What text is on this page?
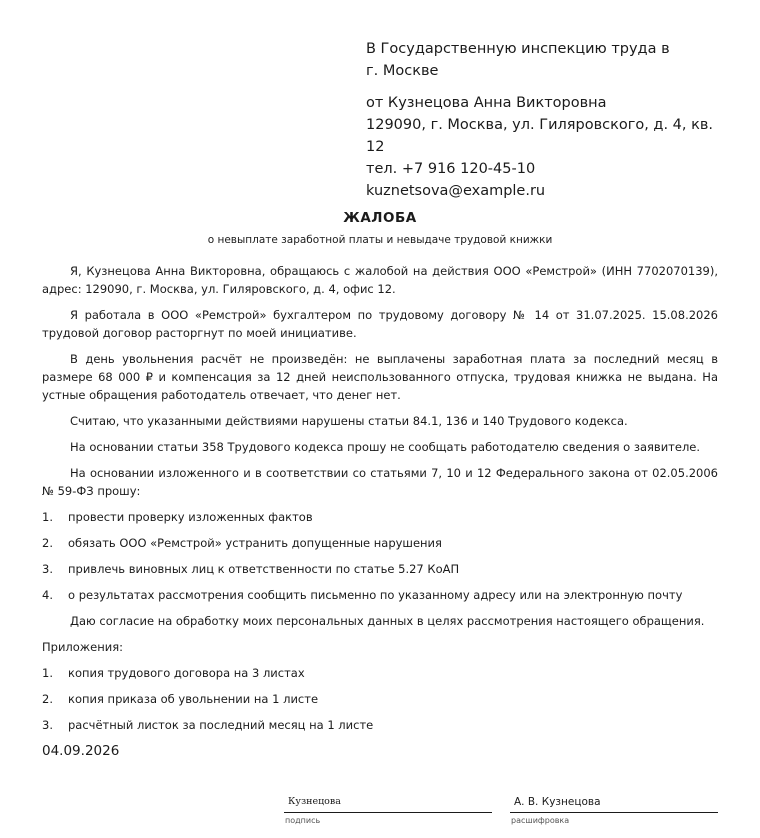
В Государственную инспекцию труда в
г. Москве
от Кузнецова Анна Викторовна
129090, г. Москва, ул. Гиляровского, д. 4, кв. 12
тел. +7 916 120-45-10
kuznetsova@example.ru
ЖАЛОБА
о невыплате заработной платы и невыдаче трудовой книжки

Я, Кузнецова Анна Викторовна, обращаюсь с жалобой на действия ООО «Ремстрой» (ИНН 7702070139), адрес: 129090, г. Москва, ул. Гиляровского, д. 4, офис 12.

Я работала в ООО «Ремстрой» бухгалтером по трудовому договору № 14 от 31.07.2025. 15.08.2026 трудовой договор расторгнут по моей инициативе.

В день увольнения расчёт не произведён: не выплачены заработная плата за последний месяц в размере 68 000 ₽ и компенсация за 12 дней неиспользованного отпуска, трудовая книжка не выдана. На устные обращения работодатель отвечает, что денег нет.

Считаю, что указанными действиями нарушены статьи 84.1, 136 и 140 Трудового кодекса.

На основании статьи 358 Трудового кодекса прошу не сообщать работодателю сведения о заявителе.

На основании изложенного и в соответствии со статьями 7, 10 и 12 Федерального закона от 02.05.2006 № 59-ФЗ прошу:

1. провести проверку изложенных фактов
2. обязать ООО «Ремстрой» устранить допущенные нарушения
3. привлечь виновных лиц к ответственности по статье 5.27 КоАП
4. о результатах рассмотрения сообщить письменно по указанному адресу или на электронную почту

Даю согласие на обработку моих персональных данных в целях рассмотрения настоящего обращения.

Приложения:

1. копия трудового договора на 3 листах
2. копия приказа об увольнении на 1 листе
3. расчётный листок за последний месяц на 1 листе
04.09.2026
Кузнецова
подпись
А. В. Кузнецова
расшифровка
